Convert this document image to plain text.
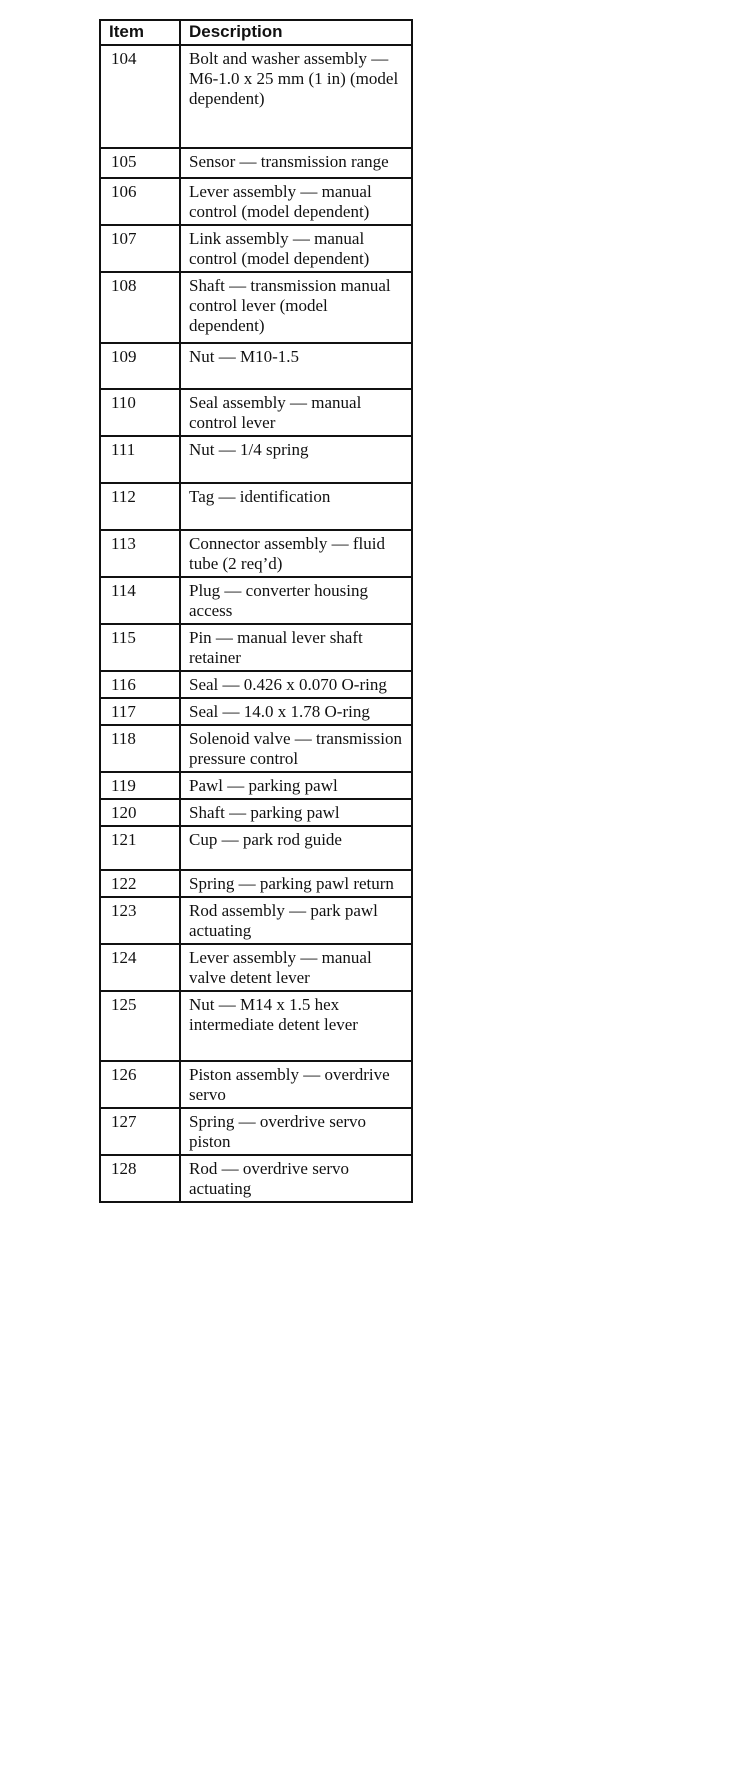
Item	Description
104	Bolt and washer assembly — M6-1.0 x 25 mm (1 in) (model dependent)
105	Sensor — transmission range
106	Lever assembly — manual control (model dependent)
107	Link assembly — manual control (model dependent)
108	Shaft — transmission manual control lever (model dependent)
109	Nut — M10-1.5
110	Seal assembly — manual control lever
111	Nut — 1/4 spring
112	Tag — identification
113	Connector assembly — fluid tube (2 req’d)
114	Plug — converter housing access
115	Pin — manual lever shaft retainer
116	Seal — 0.426 x 0.070 O-ring
117	Seal — 14.0 x 1.78 O-ring
118	Solenoid valve — transmission pressure control
119	Pawl — parking pawl
120	Shaft — parking pawl
121	Cup — park rod guide
122	Spring — parking pawl return
123	Rod assembly — park pawl actuating
124	Lever assembly — manual valve detent lever
125	Nut — M14 x 1.5 hex intermediate detent lever
126	Piston assembly — overdrive servo
127	Spring — overdrive servo piston
128	Rod — overdrive servo actuating
